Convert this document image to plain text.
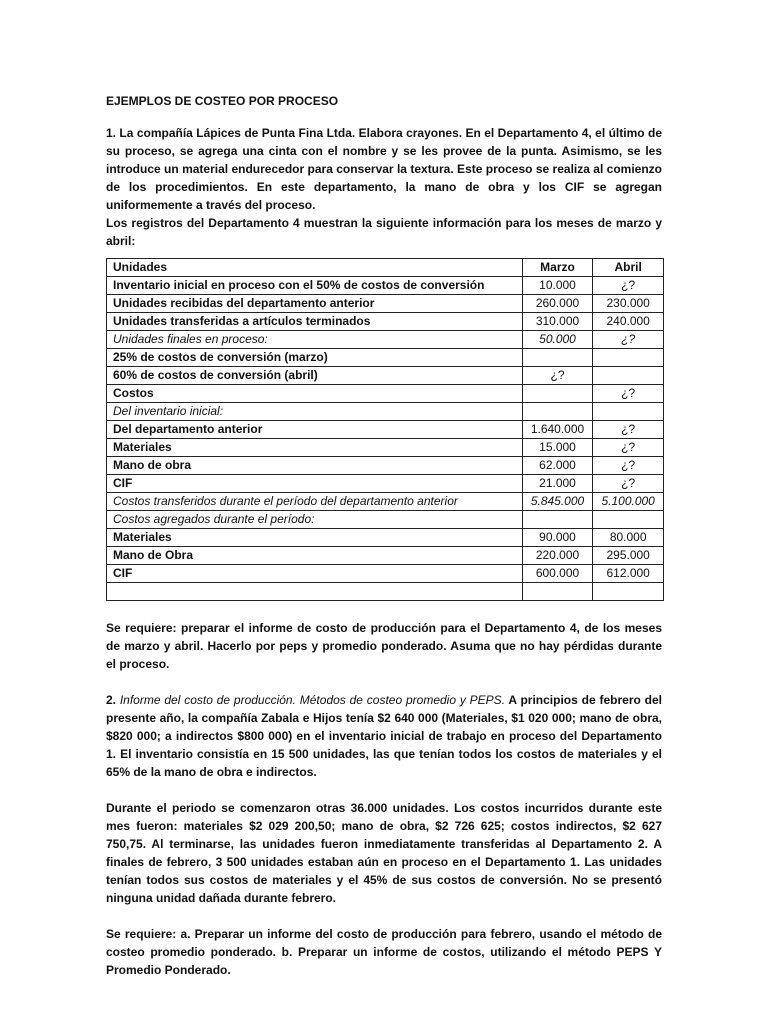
EJEMPLOS DE COSTEO POR PROCESO

1. La compañía Lápices de Punta Fina Ltda. Elabora crayones. En el Departamento 4, el último de su proceso, se agrega una cinta con el nombre y se les provee de la punta. Asimismo, se les introduce un material endurecedor para conservar la textura. Este proceso se realiza al comienzo de los procedimientos. En este departamento, la mano de obra y los CIF se agregan uniformemente a través del proceso.

Los registros del Departamento 4 muestran la siguiente información para los meses de marzo y abril:

Unidades	Marzo	Abril
Inventario inicial en proceso con el 50% de costos de conversión	10.000	¿?
Unidades recibidas del departamento anterior	260.000	230.000
Unidades transferidas a artículos terminados	310.000	240.000
Unidades finales en proceso:	50.000	¿?
25% de costos de conversión (marzo)		
60% de costos de conversión (abril)	¿?	
Costos		¿?
Del inventario inicial:		
Del departamento anterior	1.640.000	¿?
Materiales	15.000	¿?
Mano de obra	62.000	¿?
CIF	21.000	¿?
Costos transferidos durante el período del departamento anterior	5.845.000	5.100.000
Costos agregados durante el período:		
Materiales	90.000	80.000
Mano de Obra	220.000	295.000
CIF	600.000	612.000

Se requiere: preparar el informe de costo de producción para el Departamento 4, de los meses de marzo y abril. Hacerlo por peps y promedio ponderado. Asuma que no hay pérdidas durante el proceso.

2. Informe del costo de producción. Métodos de costeo promedio y PEPS. A principios de febrero del presente año, la compañía Zabala e Hijos tenía $2 640 000 (Materiales, $1 020 000; mano de obra, $820 000; a indirectos $800 000) en el inventario inicial de trabajo en proceso del Departamento 1. El inventario consistía en 15 500 unidades, las que tenían todos los costos de materiales y el 65% de la mano de obra e indirectos.

Durante el periodo se comenzaron otras 36.000 unidades. Los costos incurridos durante este mes fueron: materiales $2 029 200,50; mano de obra, $2 726 625; costos indirectos, $2 627 750,75. Al terminarse, las unidades fueron inmediatamente transferidas al Departamento 2. A finales de febrero, 3 500 unidades estaban aún en proceso en el Departamento 1. Las unidades tenían todos sus costos de materiales y el 45% de sus costos de conversión. No se presentó ninguna unidad dañada durante febrero.

Se requiere: a. Preparar un informe del costo de producción para febrero, usando el método de costeo promedio ponderado. b. Preparar un informe de costos, utilizando el método PEPS Y Promedio Ponderado.
